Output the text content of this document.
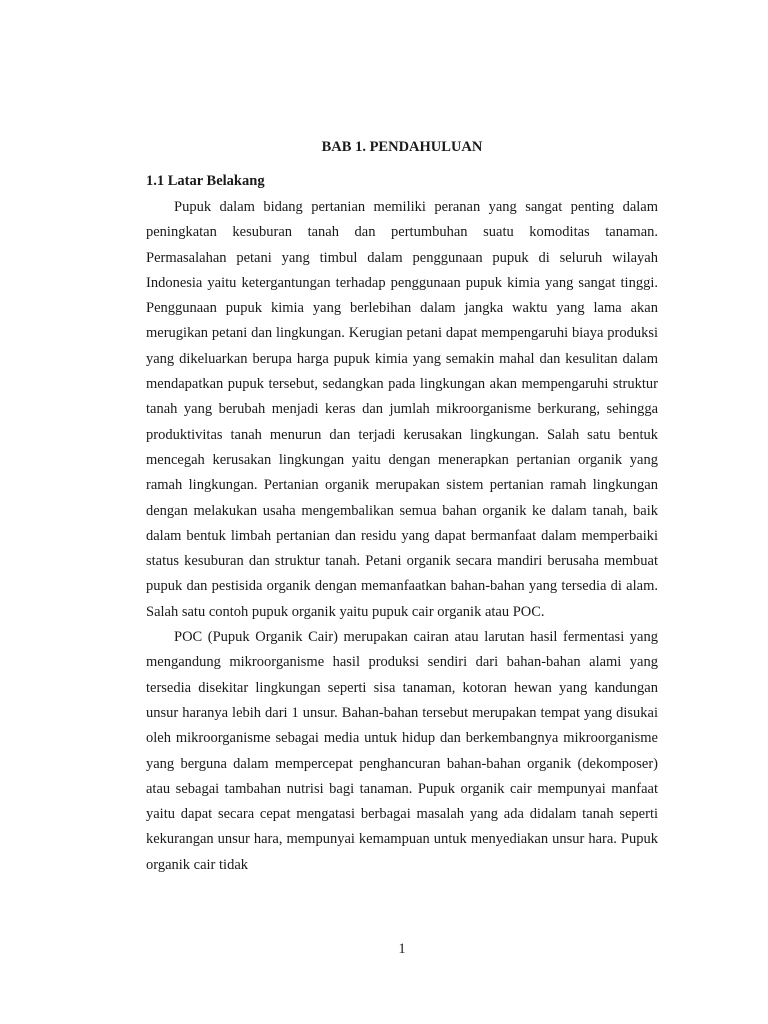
BAB 1. PENDAHULUAN
1.1 Latar Belakang

Pupuk dalam bidang pertanian memiliki peranan yang sangat penting dalam peningkatan kesuburan tanah dan pertumbuhan suatu komoditas tanaman. Permasalahan petani yang timbul dalam penggunaan pupuk di seluruh wilayah Indonesia yaitu ketergantungan terhadap penggunaan pupuk kimia yang sangat tinggi. Penggunaan pupuk kimia yang berlebihan dalam jangka waktu yang lama akan merugikan petani dan lingkungan. Kerugian petani dapat mempengaruhi biaya produksi yang dikeluarkan berupa harga pupuk kimia yang semakin mahal dan kesulitan dalam mendapatkan pupuk tersebut, sedangkan pada lingkungan akan mempengaruhi struktur tanah yang berubah menjadi keras dan jumlah mikroorganisme berkurang, sehingga produktivitas tanah menurun dan terjadi kerusakan lingkungan. Salah satu bentuk mencegah kerusakan lingkungan yaitu dengan menerapkan pertanian organik yang ramah lingkungan. Pertanian organik merupakan sistem pertanian ramah lingkungan dengan melakukan usaha mengembalikan semua bahan organik ke dalam tanah, baik dalam bentuk limbah pertanian dan residu yang dapat bermanfaat dalam memperbaiki status kesuburan dan struktur tanah. Petani organik secara mandiri berusaha membuat pupuk dan pestisida organik dengan memanfaatkan bahan-bahan yang tersedia di alam. Salah satu contoh pupuk organik yaitu pupuk cair organik atau POC.

POC (Pupuk Organik Cair) merupakan cairan atau larutan hasil fermentasi yang mengandung mikroorganisme hasil produksi sendiri dari bahan-bahan alami yang tersedia disekitar lingkungan seperti sisa tanaman, kotoran hewan yang kandungan unsur haranya lebih dari 1 unsur. Bahan-bahan tersebut merupakan tempat yang disukai oleh mikroorganisme sebagai media untuk hidup dan berkembangnya mikroorganisme yang berguna dalam mempercepat penghancuran bahan-bahan organik (dekomposer) atau sebagai tambahan nutrisi bagi tanaman. Pupuk organik cair mempunyai manfaat yaitu dapat secara cepat mengatasi berbagai masalah yang ada didalam tanah seperti kekurangan unsur hara, mempunyai kemampuan untuk menyediakan unsur hara. Pupuk organik cair tidak

1
